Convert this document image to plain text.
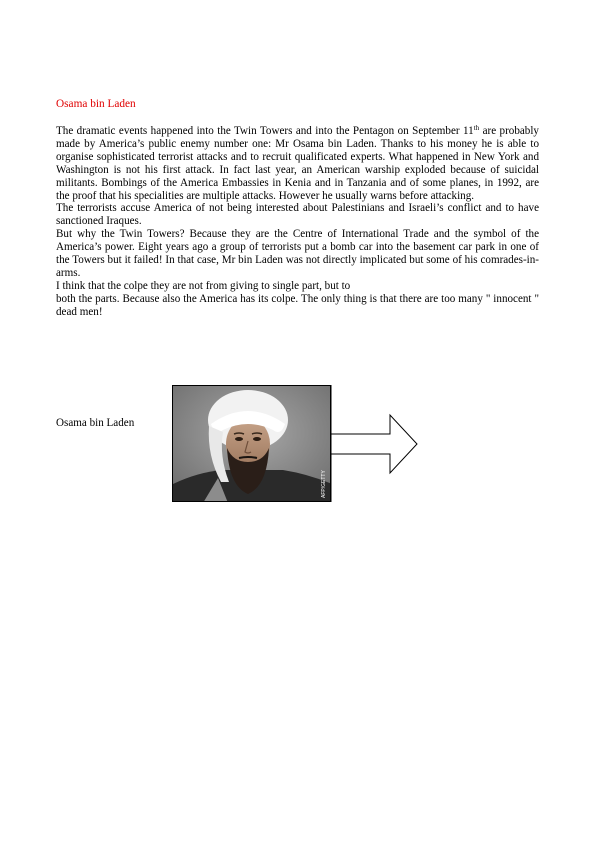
Osama bin Laden

The dramatic events happened into the Twin Towers and into the Pentagon on September 11th are probably made by America’s public enemy number one: Mr Osama bin Laden. Thanks to his money he is able to organise sophisticated terrorist attacks and to recruit qualificated experts. What happened in New York and Washington is not his first attack. In fact last year, an American warship exploded because of suicidal militants. Bombings of the America Embassies in Kenia and in Tanzania and of some planes, in 1992, are the proof that his specialities are multiple attacks. However he usually warns before attacking.

The terrorists accuse America of not being interested about Palestinians and Israeli’s conflict and to have sanctioned Iraques.

But why the Twin Towers? Because they are the Centre of International Trade and the symbol of the America’s power. Eight years ago a group of terrorists put a bomb car into the basement car park in one of the Towers but it failed! In that case, Mr bin Laden was not directly implicated but some of his comrades-in-arms.

I think that the colpe they are not from giving to single part, but to

both the parts. Because also the America has its colpe. The only thing is that there are too many " innocent " dead men!

Osama bin Laden
AFP/GETTY
